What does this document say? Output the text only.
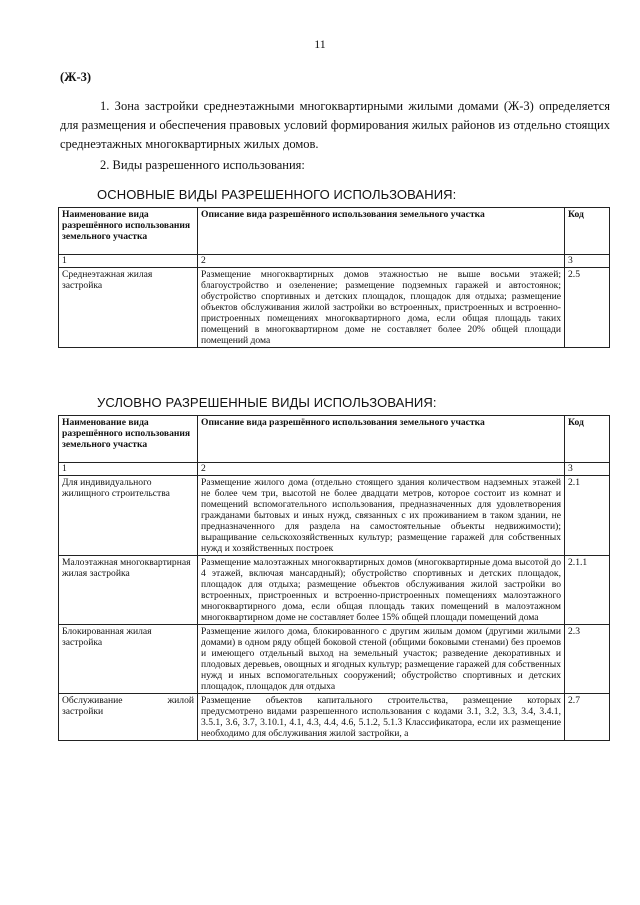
11
(Ж-3)
1. Зона застройки среднеэтажными многоквартирными жилыми домами (Ж-3) определяется для размещения и обеспечения правовых условий формирования жилых районов из отдельно стоящих среднеэтажных многоквартирных жилых домов.
2. Виды разрешенного использования:
ОСНОВНЫЕ ВИДЫ РАЗРЕШЕННОГО ИСПОЛЬЗОВАНИЯ:
Наименование вида разрешённого использования земельного участка	Описание вида разрешённого использования земельного участка	Код
1	2	3
Среднеэтажная жилая застройка	Размещение многоквартирных домов этажностью не выше восьми этажей; благоустройство и озеленение; размещение подземных гаражей и автостоянок; обустройство спортивных и детских площадок, площадок для отдыха; размещение объектов обслуживания жилой застройки во встроенных, пристроенных и встроенно-пристроенных помещениях многоквартирного дома, если общая площадь таких помещений в многоквартирном доме не составляет более 20% общей площади помещений дома	2.5
УСЛОВНО РАЗРЕШЕННЫЕ ВИДЫ ИСПОЛЬЗОВАНИЯ:
Наименование вида разрешённого использования земельного участка	Описание вида разрешённого использования земельного участка	Код
1	2	3
Для индивидуального жилищного строительства	Размещение жилого дома (отдельно стоящего здания количеством надземных этажей не более чем три, высотой не более двадцати метров, которое состоит из комнат и помещений вспомогательного использования, предназначенных для удовлетворения гражданами бытовых и иных нужд, связанных с их проживанием в таком здании, не предназначенного для раздела на самостоятельные объекты недвижимости); выращивание сельскохозяйственных культур; размещение гаражей для собственных нужд и хозяйственных построек	2.1
Малоэтажная многоквартирная жилая застройка	Размещение малоэтажных многоквартирных домов (многоквартирные дома высотой до 4 этажей, включая мансардный); обустройство спортивных и детских площадок, площадок для отдыха; размещение объектов обслуживания жилой застройки во встроенных, пристроенных и встроенно-пристроенных помещениях малоэтажного многоквартирного дома, если общая площадь таких помещений в малоэтажном многоквартирном доме не составляет более 15% общей площади помещений дома	2.1.1
Блокированная жилая застройка	Размещение жилого дома, блокированного с другим жилым домом (другими жилыми домами) в одном ряду общей боковой стеной (общими боковыми стенами) без проемов и имеющего отдельный выход на земельный участок; разведение декоративных и плодовых деревьев, овощных и ягодных культур; размещение гаражей для собственных нужд и иных вспомогательных сооружений; обустройство спортивных и детских площадок, площадок для отдыха	2.3
Обслуживание жилой застройки	Размещение объектов капитального строительства, размещение которых предусмотрено видами разрешенного использования с кодами 3.1, 3.2, 3.3, 3.4, 3.4.1, 3.5.1, 3.6, 3.7, 3.10.1, 4.1, 4.3, 4.4, 4.6, 5.1.2, 5.1.3 Классификатора, если их размещение необходимо для обслуживания жилой застройки, а	2.7
